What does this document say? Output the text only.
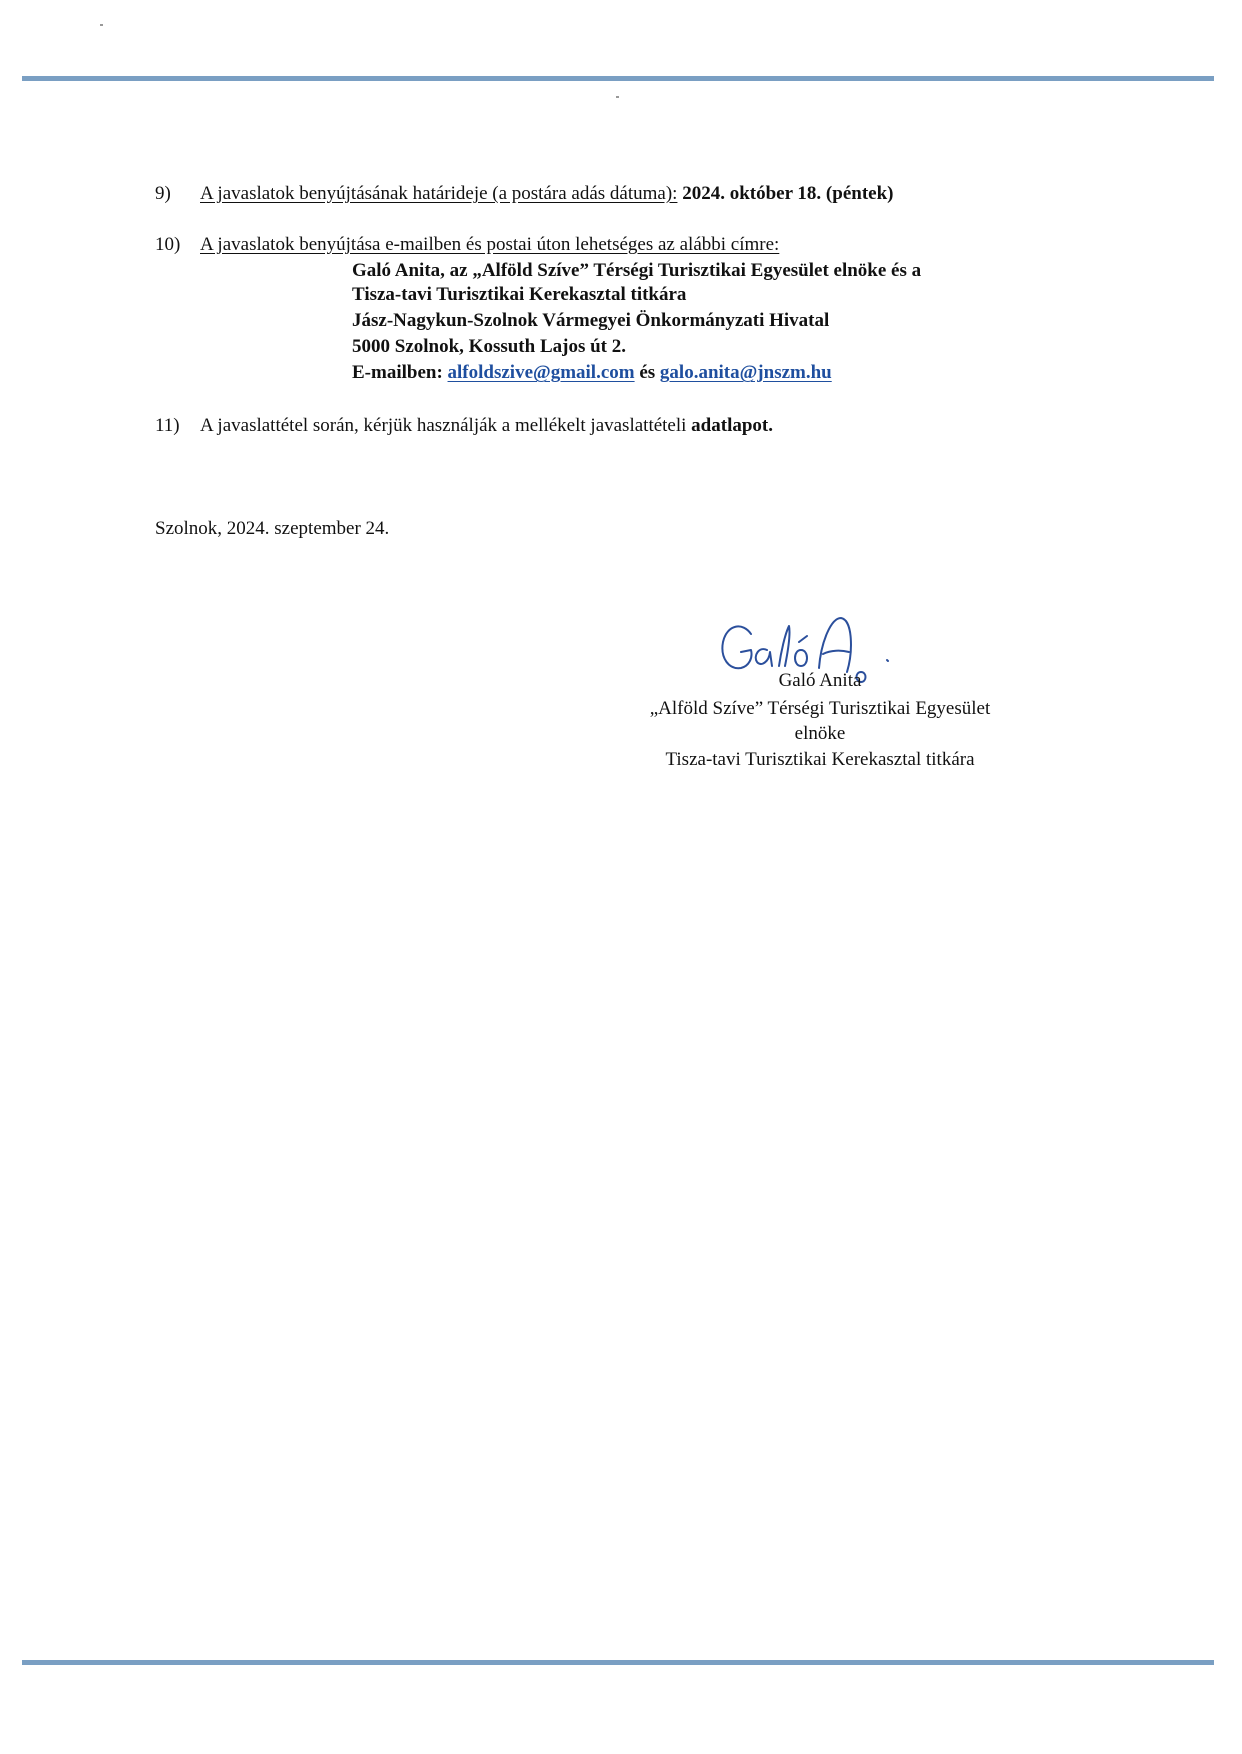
9) A javaslatok benyújtásának határideje (a postára adás dátuma): 2024. október 18. (péntek)
10) A javaslatok benyújtása e-mailben és postai úton lehetséges az alábbi címre:
Galó Anita, az „Alföld Szíve” Térségi Turisztikai Egyesület elnöke és a
Tisza-tavi Turisztikai Kerekasztal titkára
Jász-Nagykun-Szolnok Vármegyei Önkormányzati Hivatal
5000 Szolnok, Kossuth Lajos út 2.
E-mailben: alfoldszive@gmail.com és galo.anita@jnszm.hu
11) A javaslattétel során, kérjük használják a mellékelt javaslattételi adatlapot.
Szolnok, 2024. szeptember 24.
Galó Anita
„Alföld Szíve” Térségi Turisztikai Egyesület
elnöke
Tisza-tavi Turisztikai Kerekasztal titkára
